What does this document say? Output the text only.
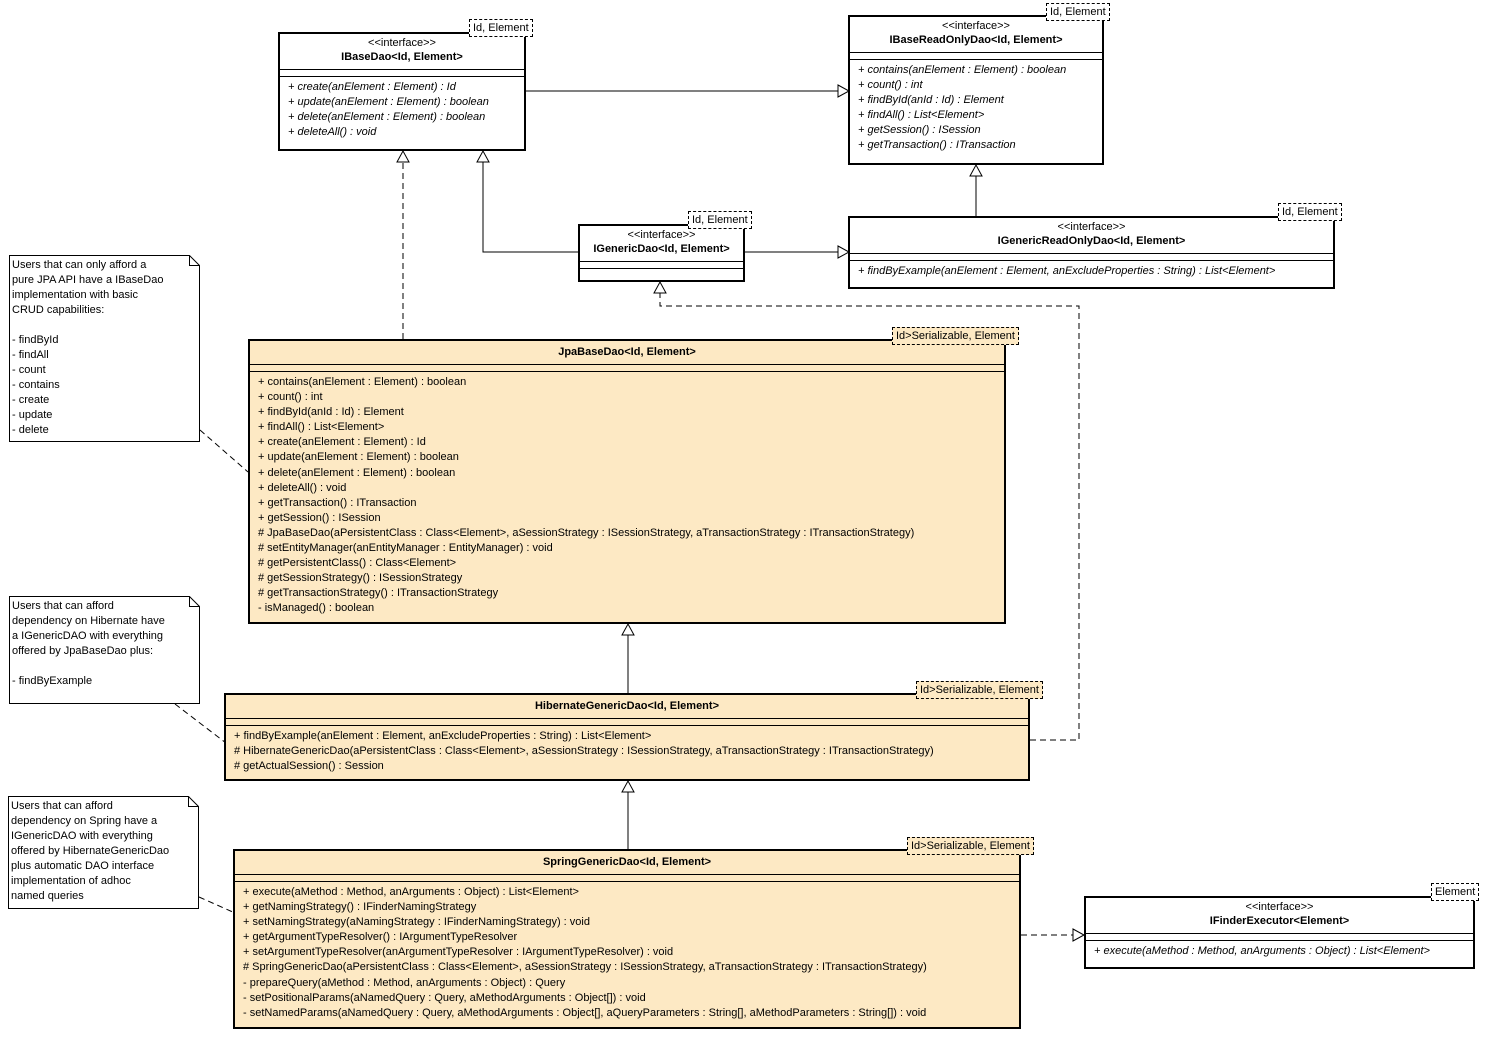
<<interface>>
IBaseDao<Id, Element>
+ create(anElement : Element) : Id
+ update(anElement : Element) : boolean
+ delete(anElement : Element) : boolean
+ deleteAll() : void
Id, Element	<<interface>>
IBaseReadOnlyDao<Id, Element>
+ contains(anElement : Element) : boolean
+ count() : int
+ findById(anId : Id) : Element
+ findAll() : List<Element>
+ getSession() : ISession
+ getTransaction() : ITransaction
Id, Element
<<interface>>
IGenericDao<Id, Element>
Id, Element
<<interface>>
IGenericReadOnlyDao<Id, Element>
+ findByExample(anElement : Element, anExcludeProperties : String) : List<Element>
Id, Element
JpaBaseDao<Id, Element>
+ contains(anElement : Element) : boolean
+ count() : int
+ findById(anId : Id) : Element
+ findAll() : List<Element>
+ create(anElement : Element) : Id
+ update(anElement : Element) : boolean
+ delete(anElement : Element) : boolean
+ deleteAll() : void
+ getTransaction() : ITransaction
+ getSession() : ISession
# JpaBaseDao(aPersistentClass : Class<Element>, aSessionStrategy : ISessionStrategy, aTransactionStrategy : ITransactionStrategy)
# setEntityManager(anEntityManager : EntityManager) : void
# getPersistentClass() : Class<Element>
# getSessionStrategy() : ISessionStrategy
# getTransactionStrategy() : ITransactionStrategy
- isManaged() : boolean
Id>Serializable, Element
HibernateGenericDao<Id, Element>
+ findByExample(anElement : Element, anExcludeProperties : String) : List<Element>
# HibernateGenericDao(aPersistentClass : Class<Element>, aSessionStrategy : ISessionStrategy, aTransactionStrategy : ITransactionStrategy)
# getActualSession() : Session
Id>Serializable, Element
SpringGenericDao<Id, Element>
+ execute(aMethod : Method, anArguments : Object) : List<Element>
+ getNamingStrategy() : IFinderNamingStrategy
+ setNamingStrategy(aNamingStrategy : IFinderNamingStrategy) : void
+ getArgumentTypeResolver() : IArgumentTypeResolver
+ setArgumentTypeResolver(anArgumentTypeResolver : IArgumentTypeResolver) : void
# SpringGenericDao(aPersistentClass : Class<Element>, aSessionStrategy : ISessionStrategy, aTransactionStrategy : ITransactionStrategy)
- prepareQuery(aMethod : Method, anArguments : Object) : Query
- setPositionalParams(aNamedQuery : Query, aMethodArguments : Object[]) : void
- setNamedParams(aNamedQuery : Query, aMethodArguments : Object[], aQueryParameters : String[], aMethodParameters : String[]) : void
Id>Serializable, Element
<<interface>>
IFinderExecutor<Element>
+ execute(aMethod : Method, anArguments : Object) : List<Element>
Element
Users that can only afford a
pure JPA API have a IBaseDao
implementation with basic
CRUD capabilities:

- findById
- findAll
- count
- contains
- create
- update
- delete
Users that can afford
dependency on Hibernate have
a IGenericDAO with everything
offered by JpaBaseDao plus:

- findByExample
Users that can afford
dependency on Spring have a
IGenericDAO with everything
offered by HibernateGenericDao
plus automatic DAO interface
implementation of adhoc
named queries
